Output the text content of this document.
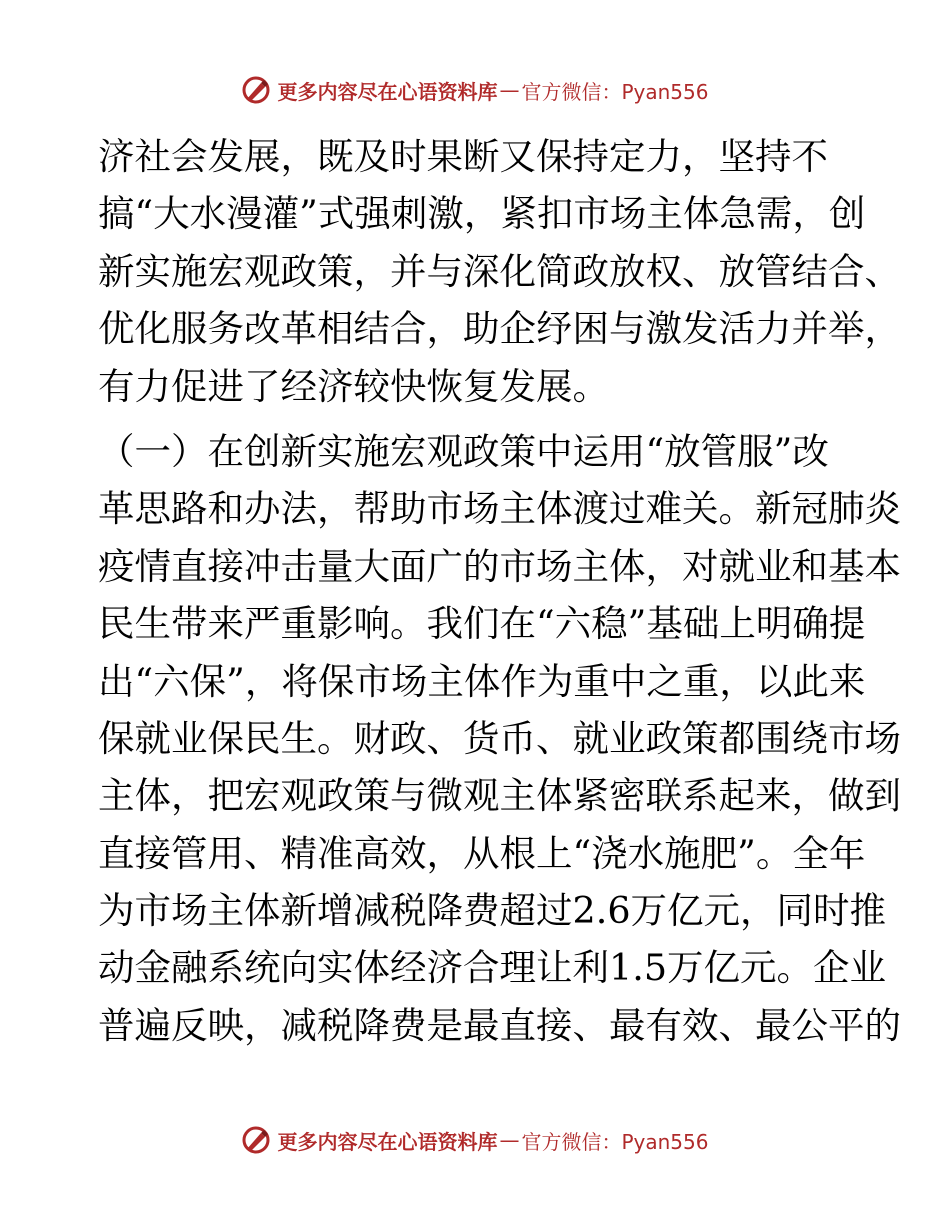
更多内容尽在心语资料库 — 官方微信：Pyan556
济社会发展，既及时果断又保持定力，坚持不
搞“大水漫灌”式强刺激，紧扣市场主体急需，创
新实施宏观政策，并与深化简政放权、放管结合、
优化服务改革相结合，助企纾困与激发活力并举，
有力促进了经济较快恢复发展。
（一）在创新实施宏观政策中运用“放管服”改
革思路和办法，帮助市场主体渡过难关。新冠肺炎
疫情直接冲击量大面广的市场主体，对就业和基本
民生带来严重影响。我们在“六稳”基础上明确提
出“六保”，将保市场主体作为重中之重，以此来
保就业保民生。财政、货币、就业政策都围绕市场
主体，把宏观政策与微观主体紧密联系起来，做到
直接管用、精准高效，从根上“浇水施肥”。全年
为市场主体新增减税降费超过2.6万亿元，同时推
动金融系统向实体经济合理让利1.5万亿元。企业
普遍反映，减税降费是最直接、最有效、最公平的
更多内容尽在心语资料库 — 官方微信：Pyan556
